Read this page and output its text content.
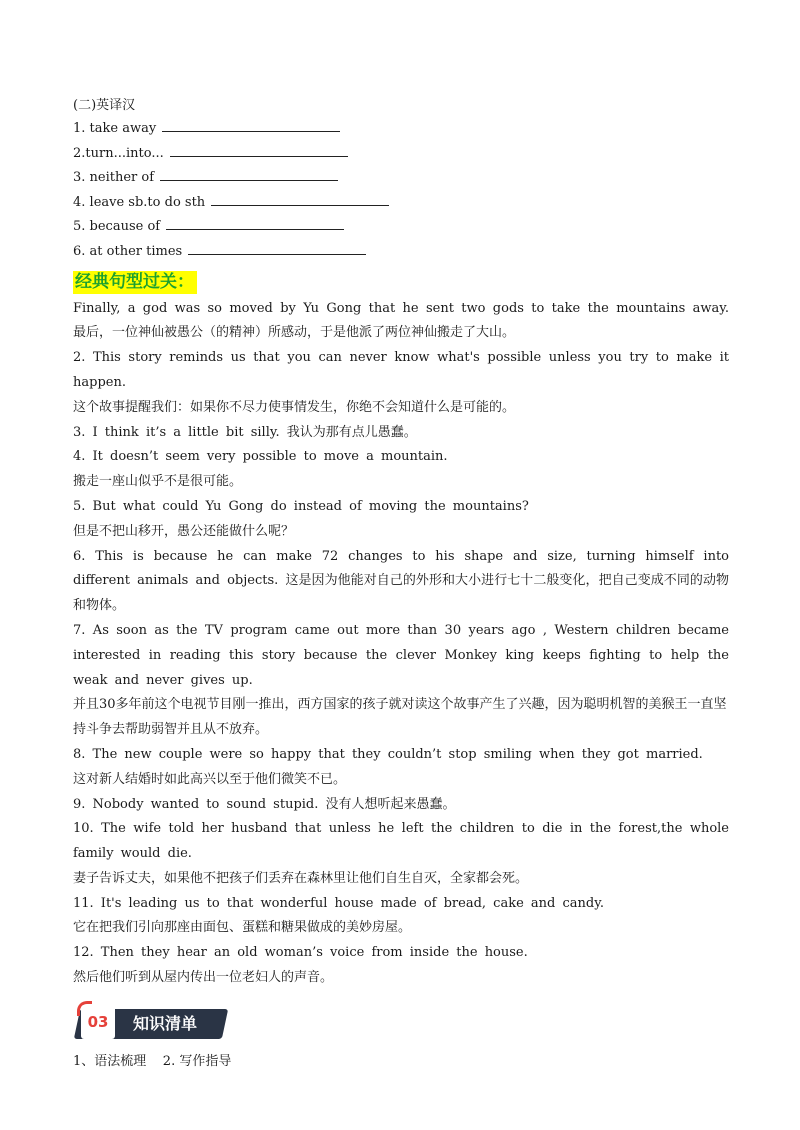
(二)英译汉
1. take away
2.turn...into...
3. neither of
4. leave sb.to do sth
5. because of
6. at other times
经典句型过关：
Finally, a god was so moved by Yu Gong that he sent two gods to take the mountains away.
最后，一位神仙被愚公（的精神）所感动，于是他派了两位神仙搬走了大山。
2. This story reminds us that you can never know what's possible unless you try to make it happen.
这个故事提醒我们：如果你不尽力使事情发生，你绝不会知道什么是可能的。
3. I think it’s a little bit silly. 我认为那有点儿愚蠢。
4. It doesn’t seem very possible to move a mountain.
搬走一座山似乎不是很可能。
5. But what could Yu Gong do instead of moving the mountains?
但是不把山移开，愚公还能做什么呢？
6. This is because he can make 72 changes to his shape and size, turning himself into different animals and objects. 这是因为他能对自己的外形和大小进行七十二般变化，把自己变成不同的动物和物体。
7. As soon as the TV program came out more than 30 years ago , Western children became interested in reading this story because the clever Monkey king keeps fighting to help the weak and never gives up.
并且30多年前这个电视节目刚一推出，西方国家的孩子就对读这个故事产生了兴趣，因为聪明机智的美猴王一直坚持斗争去帮助弱智并且从不放弃。
8. The new couple were so happy that they couldn’t stop smiling when they got married.
这对新人结婚时如此高兴以至于他们微笑不已。
9. Nobody wanted to sound stupid. 没有人想听起来愚蠢。
10. The wife told her husband that unless he left the children to die in the forest,the whole family would die.
妻子告诉丈夫，如果他不把孩子们丢弃在森林里让他们自生自灭，全家都会死。
11. It's leading us to that wonderful house made of bread, cake and candy.
它在把我们引向那座由面包、蛋糕和糖果做成的美妙房屋。
12. Then they hear an old woman’s voice from inside the house.
然后他们听到从屋内传出一位老妇人的声音。
03	知识清单
1、语法梳理    2. 写作指导
